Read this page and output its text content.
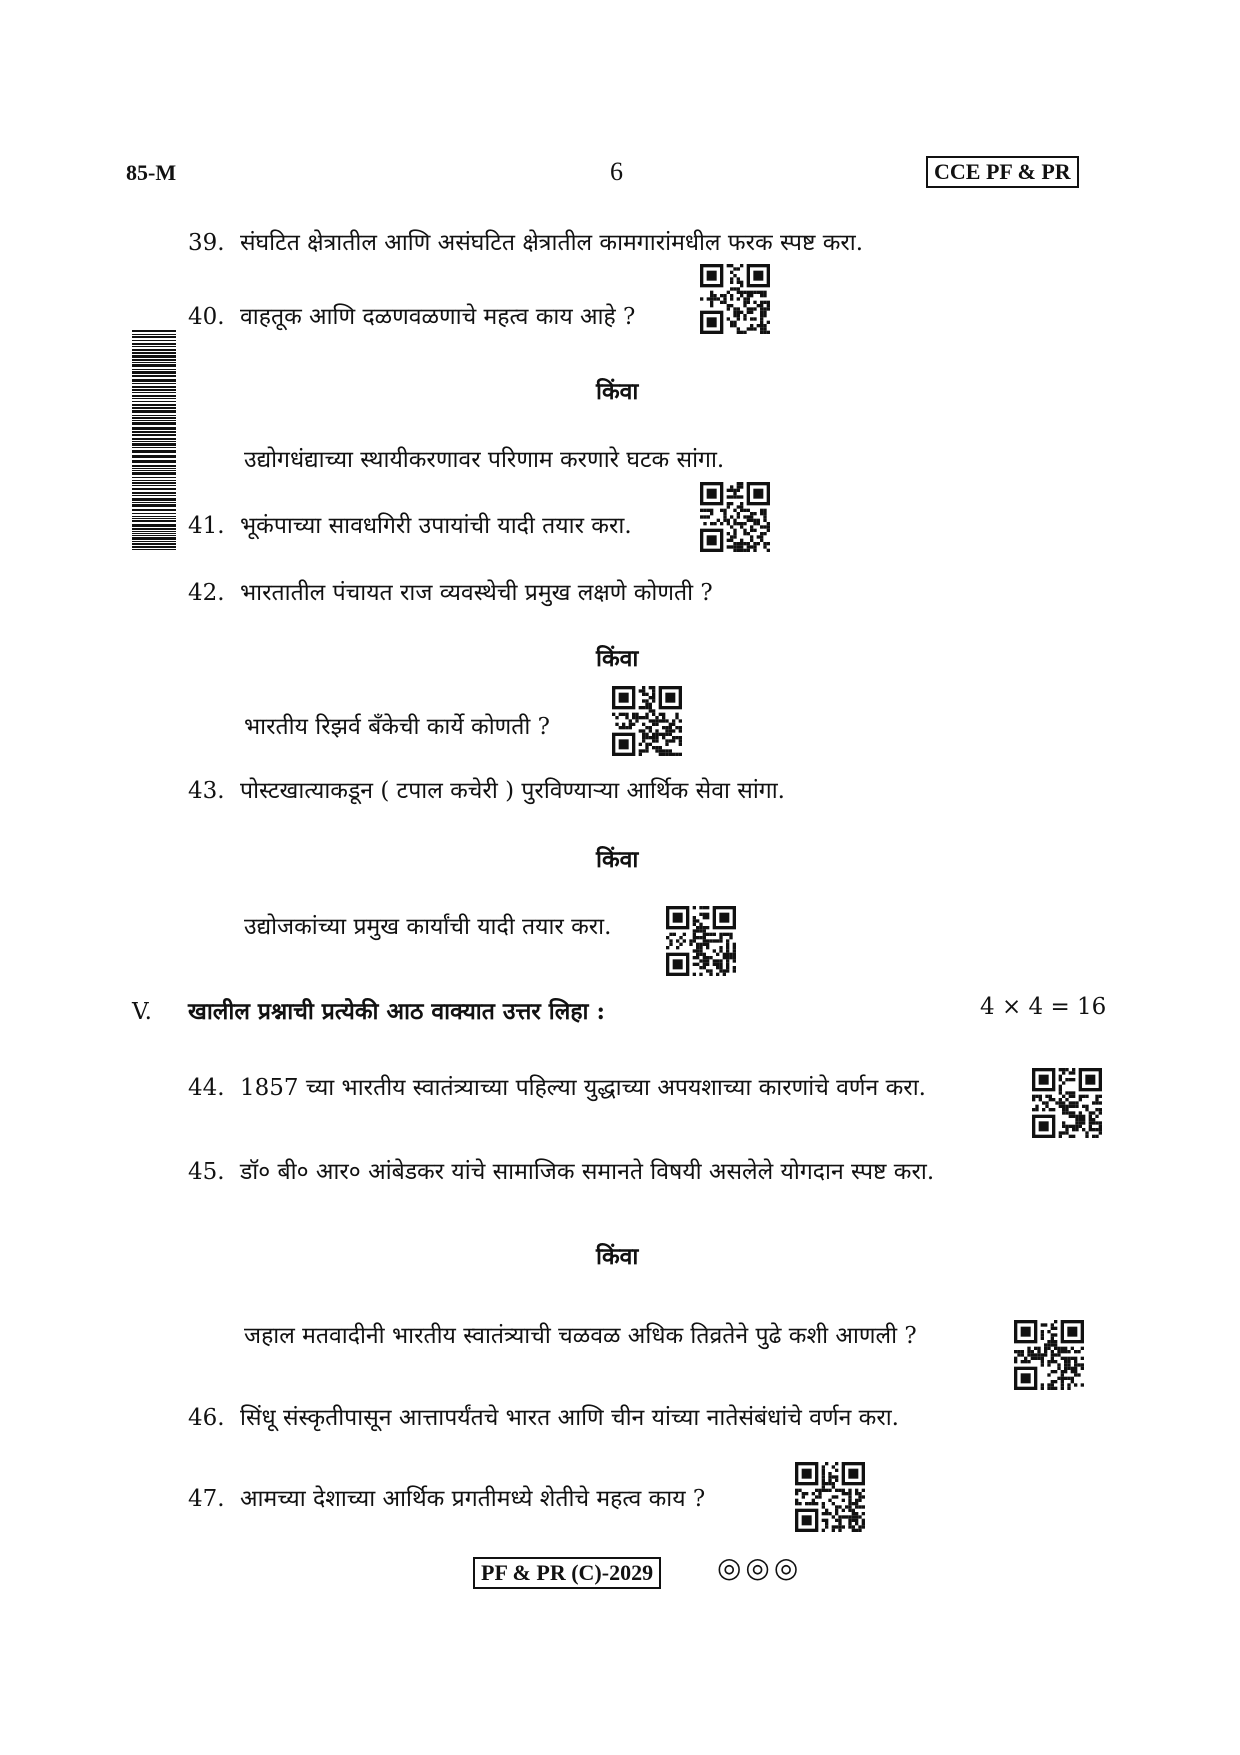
85-M	6	CCE PF & PR
39. संघटित क्षेत्रातील आणि असंघटित क्षेत्रातील कामगारांमधील फरक स्पष्ट करा.
40. वाहतूक आणि दळणवळणाचे महत्व काय आहे ?
किंवा
उद्योगधंद्याच्या स्थायीकरणावर परिणाम करणारे घटक सांगा.
41. भूकंपाच्या सावधगिरी उपायांची यादी तयार करा.
42. भारतातील पंचायत राज व्यवस्थेची प्रमुख लक्षणे कोणती ?
किंवा
भारतीय रिझर्व बॅंकेची कार्ये कोणती ?
43. पोस्टखात्याकडून ( टपाल कचेरी ) पुरविण्याऱ्या आर्थिक सेवा सांगा.
किंवा
उद्योजकांच्या प्रमुख कार्यांची यादी तयार करा.
V. खालील प्रश्नाची प्रत्येकी आठ वाक्यात उत्तर लिहा :	4 × 4 = 16
44. 1857 च्या भारतीय स्वातंत्र्याच्या पहिल्या युद्धाच्या अपयशाच्या कारणांचे वर्णन करा.
45. डॉ० बी० आर० आंबेडकर यांचे सामाजिक समानते विषयी असलेले योगदान स्पष्ट करा.
किंवा
जहाल मतवादीनी भारतीय स्वातंत्र्याची चळवळ अधिक तिव्रतेने पुढे कशी आणली ?
46. सिंधू संस्कृतीपासून आत्तापर्यंतचे भारत आणि चीन यांच्या नातेसंबंधांचे वर्णन करा.
47. आमच्या देशाच्या आर्थिक प्रगतीमध्ये शेतीचे महत्व काय ?
PF & PR (C)-2029 ◎◎◎
